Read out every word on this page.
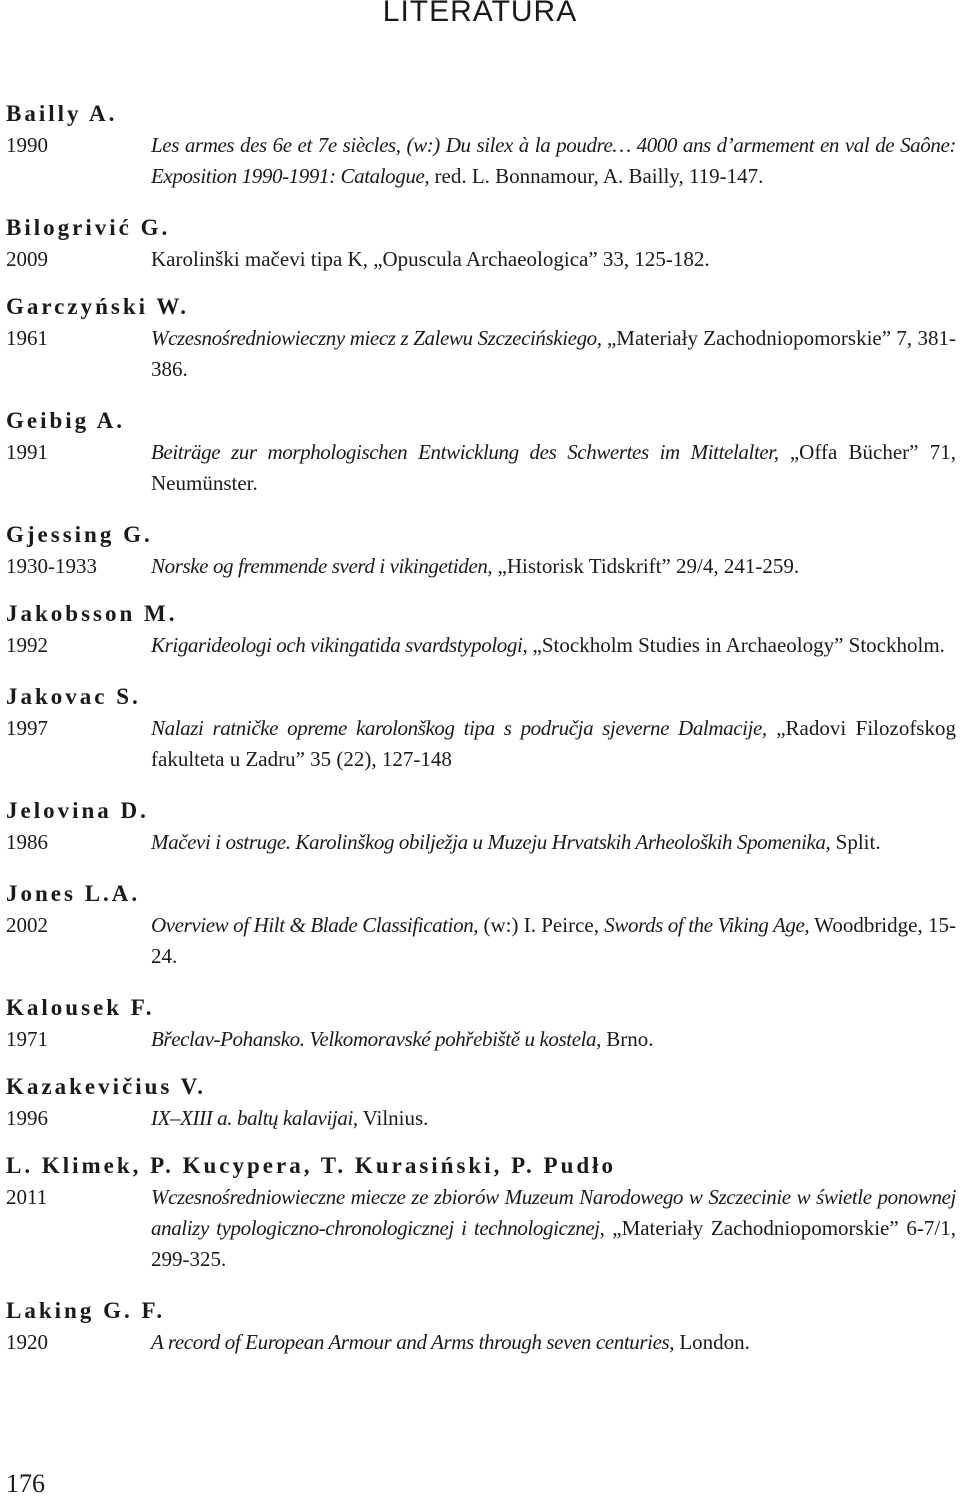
LITERATURA
Bailly A.
1990	Les armes des 6e et 7e siècles, (w:) Du silex à la poudre… 4000 ans d’armement en val de Saône: Exposition 1990-1991: Catalogue, red. L. Bonnamour, A. Bailly, 119-147.
Bilogrivić G.
2009	Karolinški mačevi tipa K, „Opuscula Archaeologica” 33, 125-182.
Garczyński W.
1961	Wczesnośredniowieczny miecz z Zalewu Szczecińskiego, „Materiały Zachodniopomorskie” 7, 381-386.
Geibig A.
1991	Beiträge zur morphologischen Entwicklung des Schwertes im Mittelalter, „Offa Bücher” 71, Neumünster.
Gjessing G.
1930-1933	Norske og fremmende sverd i vikingetiden, „Historisk Tidskrift” 29/4, 241-259.
Jakobsson M.
1992	Krigarideologi och vikingatida svardstypologi, „Stockholm Studies in Archaeology” Stockholm.
Jakovac S.
1997	Nalazi ratničke opreme karolonškog tipa s područja sjeverne Dalmacije, „Radovi Filozofskog fakulteta u Zadru” 35 (22), 127-148
Jelovina D.
1986	Mačevi i ostruge. Karolinškog obilježja u Muzeju Hrvatskih Arheoloških Spomenika, Split.
Jones L.A.
2002	Overview of Hilt & Blade Classification, (w:) I. Peirce, Swords of the Viking Age, Woodbridge, 15-24.
Kalousek F.
1971	Břeclav-Pohansko. Velkomoravské pohřebiště u kostela, Brno.
Kazakevičius V.
1996	IX–XIII a. baltų kalavijai, Vilnius.
L. Klimek, P. Kucypera, T. Kurasiński, P. Pudło
2011	Wczesnośredniowieczne miecze ze zbiorów Muzeum Narodowego w Szczecinie w świetle ponownej analizy typologiczno-chronologicznej i technologicznej, „Materiały Zachodniopomorskie” 6-7/1, 299-325.
Laking G. F.
1920	A record of European Armour and Arms through seven centuries, London.
176
